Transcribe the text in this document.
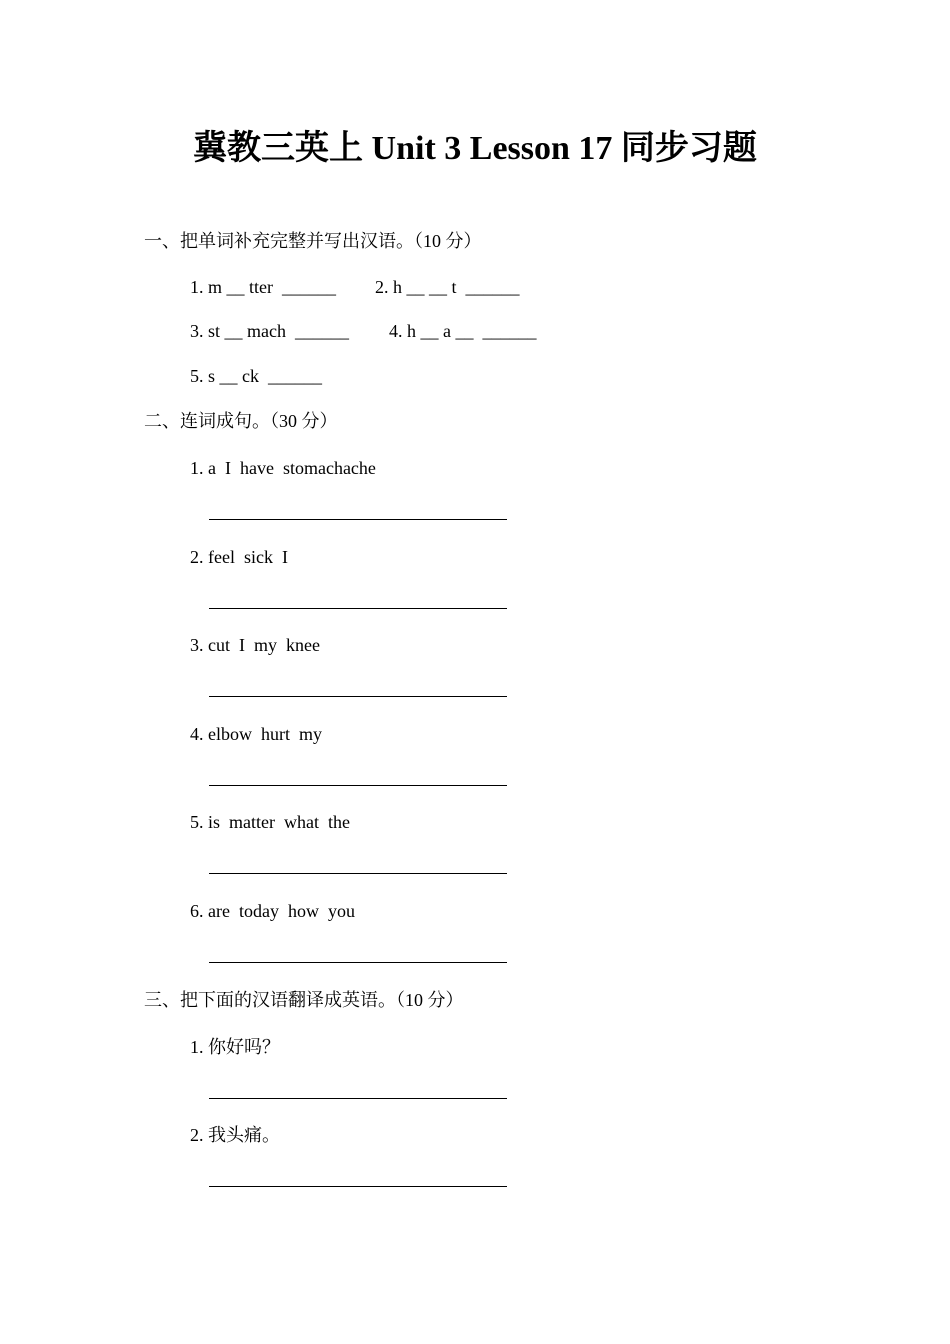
冀教三英上 Unit 3 Lesson 17 同步习题
一、把单词补充完整并写出汉语。（10 分）
1. m __ tter  ______ 2. h __ __ t  ______
3. st __ mach  ______ 4. h __ a __  ______
5. s __ ck  ______
二、连词成句。（30 分）
1. a  I  have  stomachache
2. feel  sick  I
3. cut  I  my  knee
4. elbow  hurt  my
5. is  matter  what  the
6. are  today  how  you
三、把下面的汉语翻译成英语。（10 分）
1. 你好吗？
2. 我头痛。
